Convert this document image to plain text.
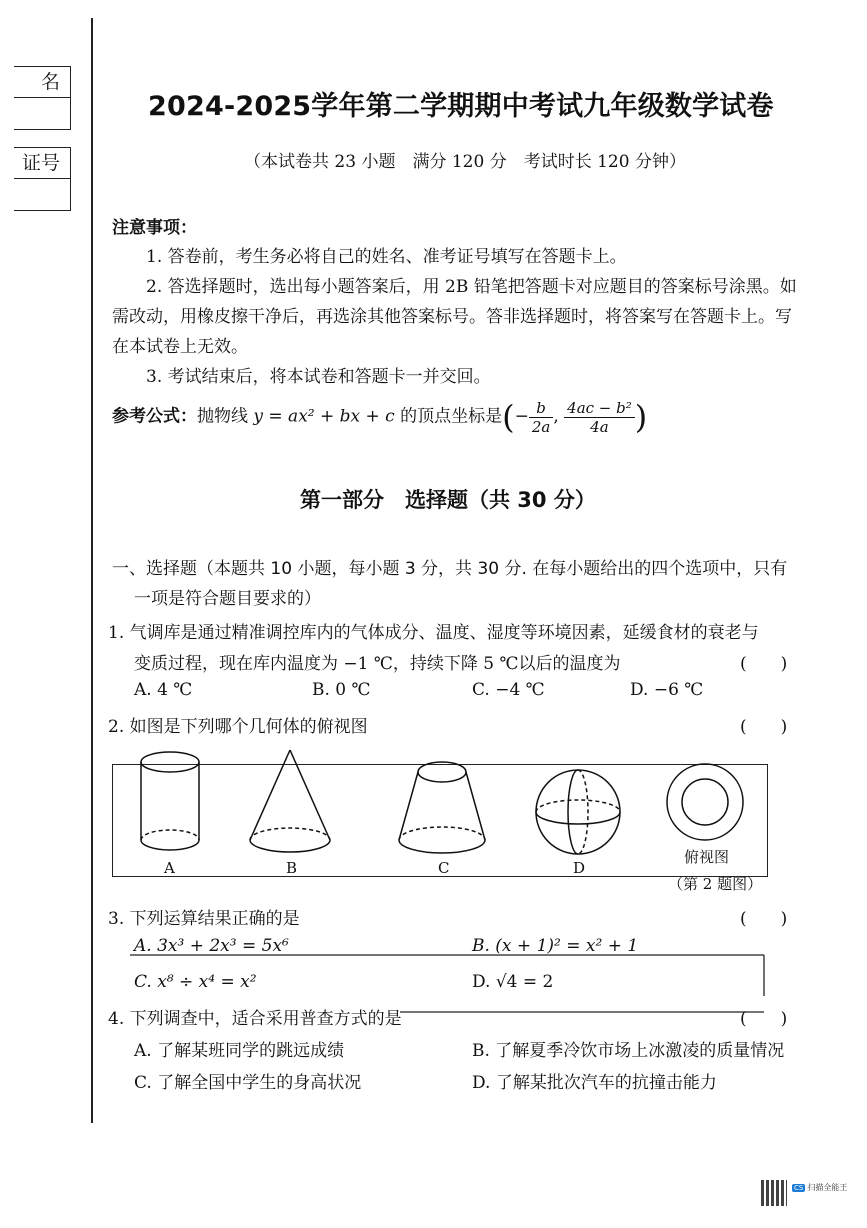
名
证号
2024-2025学年第二学期期中考试九年级数学试卷
（本试卷共 23 小题　满分 120 分　考试时长 120 分钟）
注意事项：
1. 答卷前，考生务必将自己的姓名、准考证号填写在答题卡上。
2. 答选择题时，选出每小题答案后，用 2B 铅笔把答题卡对应题目的答案标号涂黑。如需改动，用橡皮擦干净后，再选涂其他答案标号。答非选择题时，将答案写在答题卡上。写在本试卷上无效。
3. 考试结束后，将本试卷和答题卡一并交回。
参考公式：抛物线 y = ax² + bx + c 的顶点坐标是(− $\frac{b}{2a}$ , $\frac{\text{4ac − b²}}{4a}$ )
第一部分　选择题（共 30 分）
一、选择题（本题共 10 小题，每小题 3 分，共 30 分. 在每小题给出的四个选项中，只有
一项是符合题目要求的）
1. 气调库是通过精准调控库内的气体成分、温度、湿度等环境因素，延缓食材的衰老与
变质过程，现在库内温度为 −1 ℃，持续下降 5 ℃以后的温度为	(　　)
A. 4 ℃	B. 0 ℃	C. −4 ℃	D. −6 ℃
2. 如图是下列哪个几何体的俯视图	(　　)
A	B	C	D
俯视图
（第 2 题图）
3. 下列运算结果正确的是	(　　)
A. 3x³ + 2x³ = 5x⁶	B. (x + 1)² = x² + 1
C. x⁸ ÷ x⁴ = x²	D. √4 = 2
4. 下列调查中，适合采用普查方式的是	(　　)
A. 了解某班同学的跳远成绩	B. 了解夏季冷饮市场上冰激凌的质量情况
C. 了解全国中学生的身高状况	D. 了解某批次汽车的抗撞击能力
CS 扫描全能王
